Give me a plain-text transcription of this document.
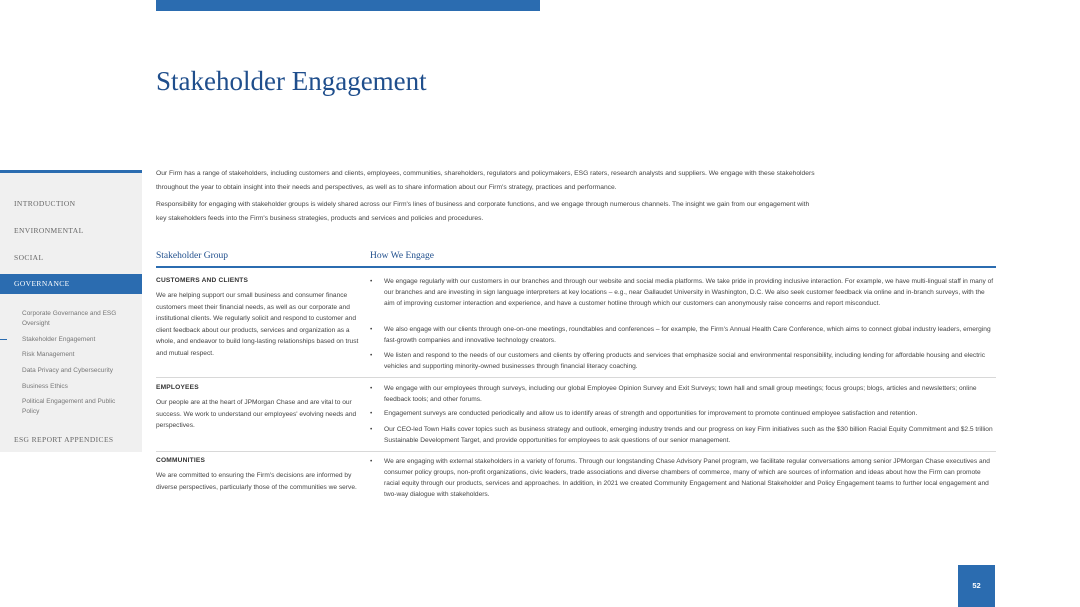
Stakeholder Engagement
INTRODUCTION
ENVIRONMENTAL
SOCIAL
GOVERNANCE
Corporate Governance and ESG Oversight
Stakeholder Engagement
Risk Management
Data Privacy and Cybersecurity
Business Ethics
Political Engagement and Public Policy
ESG REPORT APPENDICES

Our Firm has a range of stakeholders, including customers and clients, employees, communities, shareholders, regulators and policymakers, ESG raters, research analysts and suppliers. We engage with these stakeholders throughout the year to obtain insight into their needs and perspectives, as well as to share information about our Firm's strategy, practices and performance.

Responsibility for engaging with stakeholder groups is widely shared across our Firm's lines of business and corporate functions, and we engage through numerous channels. The insight we gain from our engagement with key stakeholders feeds into the Firm's business strategies, products and services and policies and procedures.

Stakeholder Group	How We Engage
CUSTOMERS AND CLIENTS

We are helping support our small business and consumer finance customers meet their financial needs, as well as our corporate and institutional clients. We regularly solicit and respond to customer and client feedback about our products, services and organization as a whole, and endeavor to build long-lasting relationships based on trust and mutual respect.

• We engage regularly with our customers in our branches and through our website and social media platforms. We take pride in providing inclusive interaction. For example, we have multi-lingual staff in many of our branches and are investing in sign language interpreters at key locations – e.g., near Gallaudet University in Washington, D.C. We also seek customer feedback via online and in-branch surveys, with the aim of improving customer interaction and experience, and have a customer hotline through which our customers can anonymously raise concerns and report misconduct.
• We also engage with our clients through one-on-one meetings, roundtables and conferences – for example, the Firm's Annual Health Care Conference, which aims to connect global industry leaders, emerging fast-growth companies and innovative technology creators.
• We listen and respond to the needs of our customers and clients by offering products and services that emphasize social and environmental responsibility, including lending for affordable housing and electric vehicles and supporting minority-owned businesses through financial literacy coaching.
EMPLOYEES

Our people are at the heart of JPMorgan Chase and are vital to our success. We work to understand our employees' evolving needs and perspectives.

• We engage with our employees through surveys, including our global Employee Opinion Survey and Exit Surveys; town hall and small group meetings; focus groups; blogs, articles and newsletters; online feedback tools; and other forums.
• Engagement surveys are conducted periodically and allow us to identify areas of strength and opportunities for improvement to promote continued employee satisfaction and retention.
• Our CEO-led Town Halls cover topics such as business strategy and outlook, emerging industry trends and our progress on key Firm initiatives such as the $30 billion Racial Equity Commitment and $2.5 trillion Sustainable Development Target, and provide opportunities for employees to ask questions of our senior management.
COMMUNITIES

We are committed to ensuring the Firm's decisions are informed by diverse perspectives, particularly those of the communities we serve.

• We are engaging with external stakeholders in a variety of forums. Through our longstanding Chase Advisory Panel program, we facilitate regular conversations among senior JPMorgan Chase executives and consumer policy groups, non-profit organizations, civic leaders, trade associations and diverse chambers of commerce, many of which are sources of information and ideas about how the Firm can promote racial equity through our products, services and approaches. In addition, in 2021 we created Community Engagement and National Stakeholder and Policy Engagement teams to further local engagement and two-way dialogue with stakeholders.
52
